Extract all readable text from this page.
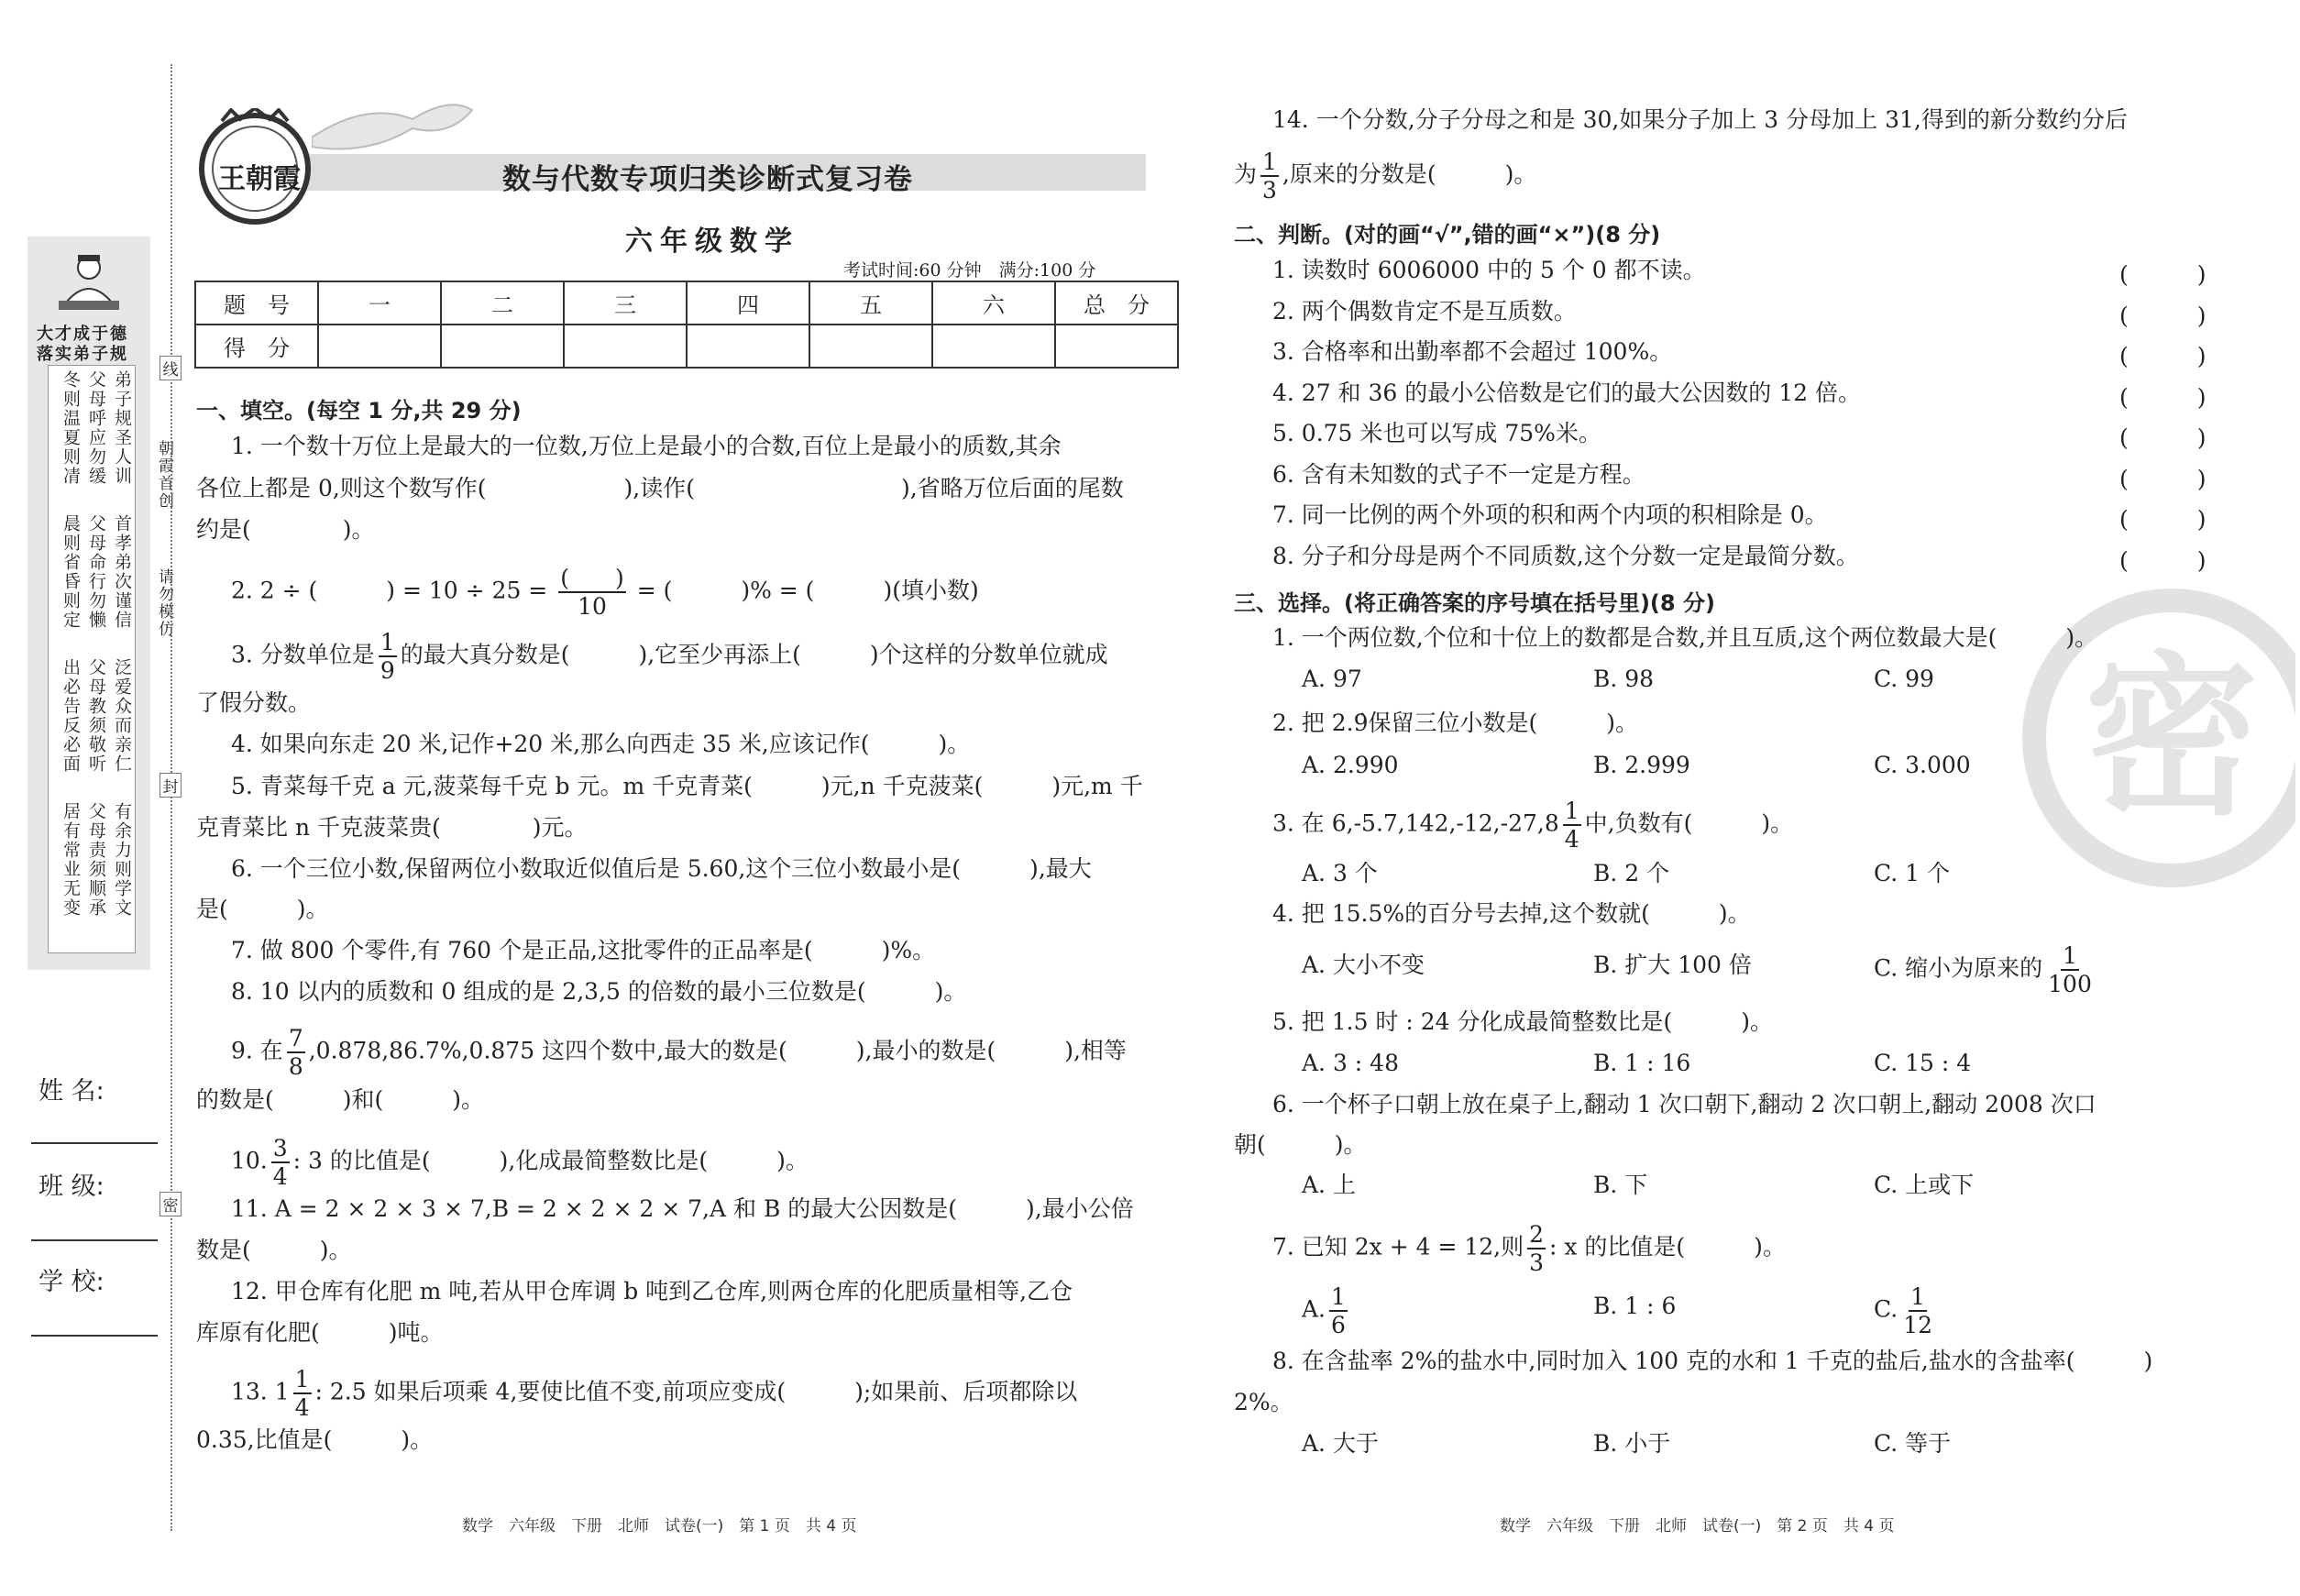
大才成于德
落实弟子规
弟子规圣人训
首孝弟次谨信
泛爱众而亲仁
有余力则学文
父母呼应勿缓
父母命行勿懒
父母教须敬听
父母责须顺承
冬则温夏则凊
晨则省昏则定
出必告反必面
居有常业无变
朝霞首创
请勿模仿
线
封
密
姓 名:
班 级:
学 校:
王朝霞	数与代数专项归类诊断式复习卷
六年级数学
考试时间:60 分钟　满分:100 分
题　号	一	二	三	四	五	六	总　分
得　分							
一、填空。(每空 1 分,共 29 分)
1. 一个数十万位上是最大的一位数,万位上是最小的合数,百位上是最小的质数,其余
各位上都是 0,则这个数写作(　　　　　　),读作(　　　　　　　　　),省略万位后面的尾数
约是(　　　　)。
2. 2 ÷ (　　　) = $10 \div 25 = \frac{( )}{10}$ = (　　　)% = (　　　)(填小数)
3. 分数单位是 $\frac{1}{9}$ 的最大真分数是(　　　),它至少再添上(　　　)个这样的分数单位就成
了假分数。
4. 如果向东走 20 米,记作+20 米,那么向西走 35 米,应该记作(　　　)。
5. 青菜每千克 a 元,菠菜每千克 b 元。m 千克青菜(　　　)元,n 千克菠菜(　　　)元,m 千
克青菜比 n 千克菠菜贵(　　　　)元。
6. 一个三位小数,保留两位小数取近似值后是 5.60,这个三位小数最小是(　　　),最大
是(　　　)。
7. 做 800 个零件,有 760 个是正品,这批零件的正品率是(　　　)%。
8. 10 以内的质数和 0 组成的是 2,3,5 的倍数的最小三位数是(　　　)。
9. 在 $\frac{7}{8} ,0.878,86.7\%,0.875$ 这四个数中,最大的数是(　　　),最小的数是(　　　),相等
的数是(　　　)和(　　　)。
10. $\frac{3}{4}$ : 3 的比值是(　　　),化成最简整数比是(　　　)。
11. A = 2 × 2 × 3 × 7,B = 2 × 2 × 2 × 7,A 和 B 的最大公因数是(　　　),最小公倍
数是(　　　)。
12. 甲仓库有化肥 m 吨,若从甲仓库调 b 吨到乙仓库,则两仓库的化肥质量相等,乙仓
库原有化肥(　　　)吨。
13. $1 \frac{1}{4}$ : 2.5 如果后项乘 4,要使比值不变,前项应变成(　　　);如果前、后项都除以
0.35,比值是(　　　)。
数学　六年级　下册　北师　试卷(一)　第 1 页　共 4 页
密
14. 一个分数,分子分母之和是 30,如果分子加上 3 分母加上 31,得到的新分数约分后
为 $\frac{1}{3}$ ,原来的分数是(　　　)。
二、判断。(对的画“√”,错的画“×”)(8 分)
1. 读数时 6006000 中的 5 个 0 都不读。	(　　　)
2. 两个偶数肯定不是互质数。	(　　　)
3. 合格率和出勤率都不会超过 100%。	(　　　)
4. 27 和 36 的最小公倍数是它们的最大公因数的 12 倍。	(　　　)
5. 0.75 米也可以写成 75%米。	(　　　)
6. 含有未知数的式子不一定是方程。	(　　　)
7. 同一比例的两个外项的积和两个内项的积相除是 0。	(　　　)
8. 分子和分母是两个不同质数,这个分数一定是最简分数。	(　　　)
三、选择。(将正确答案的序号填在括号里)(8 分)
1. 一个两位数,个位和十位上的数都是合数,并且互质,这个两位数最大是(　　　)。
A. 97	B. 98	C. 99
2. 把 2.9̇保留三位小数是(　　　)。
A. 2.990	B. 2.999	C. 3.000
3. 在 $6,-5.7,142,-12,-27,8 \frac{1}{4}$ 中,负数有(　　　)。
A. 3 个	B. 2 个	C. 1 个
4. 把 15.5%的百分号去掉,这个数就(　　　)。
A. 大小不变	B. 扩大 100 倍	C. 缩小为原来的 $\frac{1}{100}$
5. 把 1.5 时 : 24 分化成最简整数比是(　　　)。
A. 3 : 48	B. 1 : 16	C. 15 : 4
6. 一个杯子口朝上放在桌子上,翻动 1 次口朝下,翻动 2 次口朝上,翻动 2008 次口
朝(　　　)。
A. 上	B. 下	C. 上或下
7. 已知 2x + 4 = 12,则 $\frac{2}{3}$ : x 的比值是(　　　)。
A. $\frac{1}{6}$	B. 1 : 6	C. $\frac{1}{12}$
8. 在含盐率 2%的盐水中,同时加入 100 克的水和 1 千克的盐后,盐水的含盐率(　　　)
2%。
A. 大于	B. 小于	C. 等于
数学　六年级　下册　北师　试卷(一)　第 2 页　共 4 页
